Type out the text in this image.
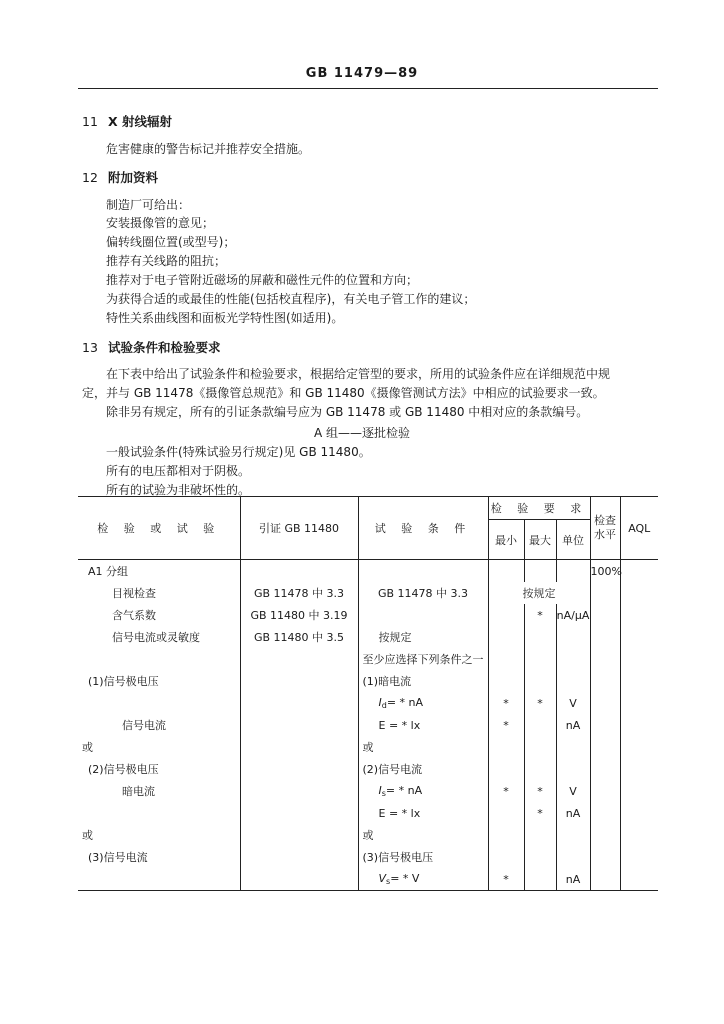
GB 11479—89
11 X 射线辐射
危害健康的警告标记并推荐安全措施。
12 附加资料
制造厂可给出：
安装摄像管的意见；
偏转线圈位置(或型号)；
推荐有关线路的阻抗；
推荐对于电子管附近磁场的屏蔽和磁性元件的位置和方向；
为获得合适的或最佳的性能(包括校直程序)，有关电子管工作的建议；
特性关系曲线图和面板光学特性图(如适用)。
13 试验条件和检验要求
在下表中给出了试验条件和检验要求，根据给定管型的要求，所用的试验条件应在详细规范中规
定，并与 GB 11478《摄像管总规范》和 GB 11480《摄像管测试方法》中相应的试验要求一致。
除非另有规定，所有的引证条款编号应为 GB 11478 或 GB 11480 中相对应的条款编号。
A 组——逐批检验
一般试验条件(特殊试验另行规定)见 GB 11480。
所有的电压都相对于阴极。
所有的试验为非破坏性的。
检 验 或 试 验	引证 GB 11480	试 验 条 件	检 验 要 求			检查水平	AQL
			最小	最大	单位		
A1 分组						100%	
目视检查	GB 11478 中 3.3	GB 11478 中 3.3	按规定				
含气系数	GB 11480 中 3.19			*	nA/μA		
信号电流或灵敏度	GB 11480 中 3.5	按规定					
		至少应选择下列条件之一					
(1)信号极电压		(1)暗电流					
		$I_d=$ * nA	*	*	V		
信号电流		E = * lx	*		nA		
或		或					
(2)信号极电压		(2)信号电流					
暗电流		$I_s=$ * nA	*	*	V		
		E = * lx		*	nA		
或		或					
(3)信号电流		(3)信号极电压					
		$V_s= * V$	*		nA		
